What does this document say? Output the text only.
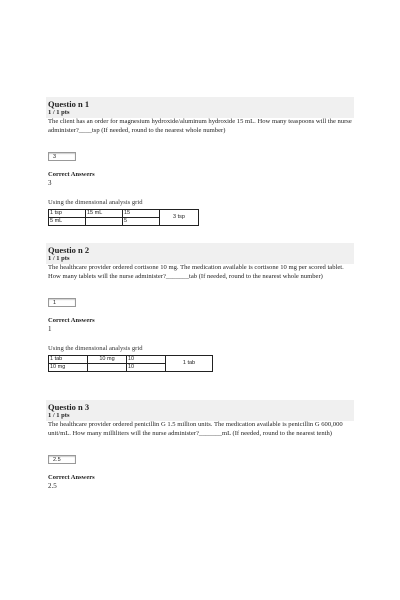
Questio n 1
1 / 1 pts
The client has an order for magnesium hydroxide/aluminum hydroxide 15 mL. How many teaspoons will the nurse administer?____tsp (If needed, round to the nearest whole number)
3
Correct Answers
3
Using the dimensional analysis grid
1 tsp	15 mL	15	3 tsp
5 mL		5	
Questio n 2
1 / 1 pts
The healthcare provider ordered cortisone 10 mg. The medication available is cortisone 10 mg per scored tablet. How many tablets will the nurse administer?_______tab (If needed, round to the nearest whole number)
1
Correct Answers
1
Using the dimensional analysis grid
1 tab	10 mg	10	1 tab
10 mg		10	
Questio n 3
1 / 1 pts
The healthcare provider ordered penicillin G 1.5 million units. The medication available is penicillin G 600,000 unit/mL. How many milliliters will the nurse administer?_______mL (If needed, round to the nearest tenth)
2.5
Correct Answers
2.5
